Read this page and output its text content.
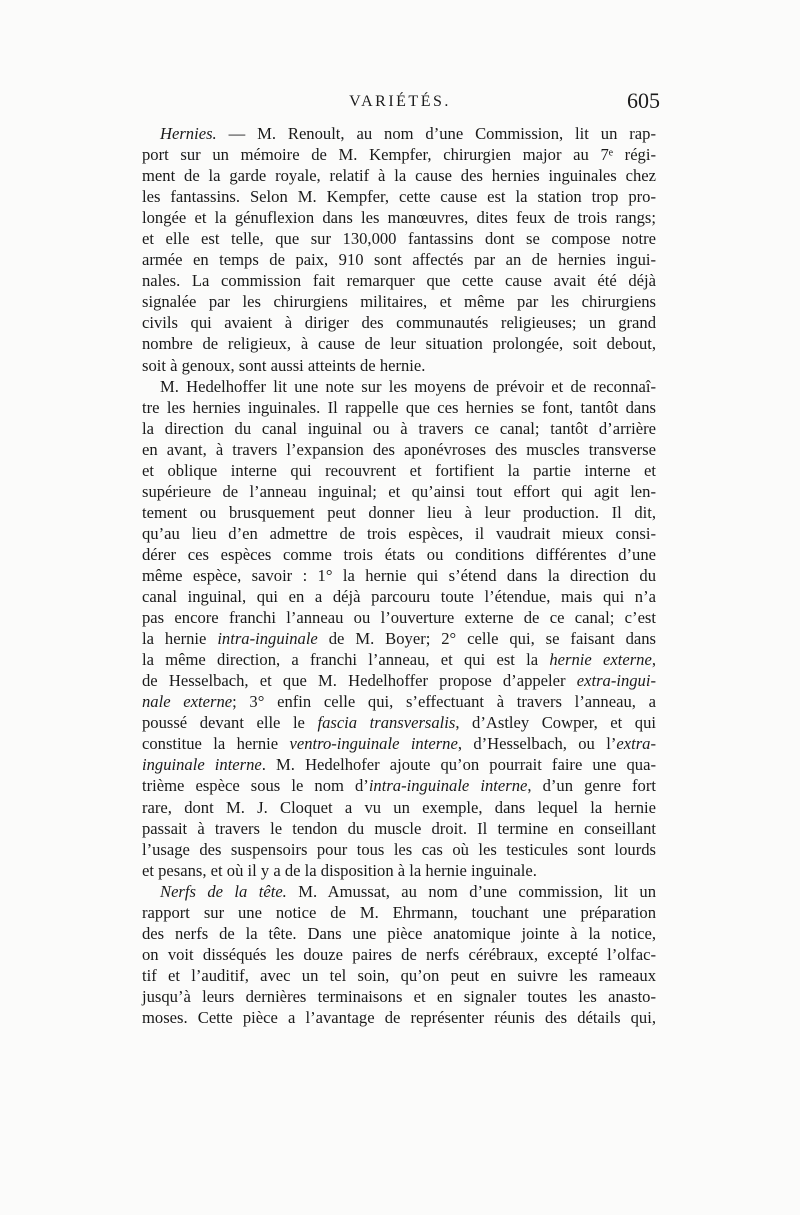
VARIÉTÉS.	605
Hernies. — M. Renoult, au nom d’une Commission, lit un rap-
port sur un mémoire de M. Kempfer, chirurgien major au 7ᵉ régi-
ment de la garde royale, relatif à la cause des hernies inguinales chez
les fantassins. Selon M. Kempfer, cette cause est la station trop pro-
longée et la génuflexion dans les manœuvres, dites feux de trois rangs;
et elle est telle, que sur 130,000 fantassins dont se compose notre
armée en temps de paix, 910 sont affectés par an de hernies ingui-
nales. La commission fait remarquer que cette cause avait été déjà
signalée par les chirurgiens militaires, et même par les chirurgiens
civils qui avaient à diriger des communautés religieuses; un grand
nombre de religieux, à cause de leur situation prolongée, soit debout,
soit à genoux, sont aussi atteints de hernie.
M. Hedelhoffer lit une note sur les moyens de prévoir et de reconnaî-
tre les hernies inguinales. Il rappelle que ces hernies se font, tantôt dans
la direction du canal inguinal ou à travers ce canal; tantôt d’arrière
en avant, à travers l’expansion des aponévroses des muscles transverse
et oblique interne qui recouvrent et fortifient la partie interne et
supérieure de l’anneau inguinal; et qu’ainsi tout effort qui agit len-
tement ou brusquement peut donner lieu à leur production. Il dit,
qu’au lieu d’en admettre de trois espèces, il vaudrait mieux consi-
dérer ces espèces comme trois états ou conditions différentes d’une
même espèce, savoir : 1° la hernie qui s’étend dans la direction du
canal inguinal, qui en a déjà parcouru toute l’étendue, mais qui n’a
pas encore franchi l’anneau ou l’ouverture externe de ce canal; c’est
la hernie intra-inguinale de M. Boyer; 2° celle qui, se faisant dans
la même direction, a franchi l’anneau, et qui est la hernie externe,
de Hesselbach, et que M. Hedelhoffer propose d’appeler extra-ingui-
nale externe; 3° enfin celle qui, s’effectuant à travers l’anneau, a
poussé devant elle le fascia transversalis, d’Astley Cowper, et qui
constitue la hernie ventro-inguinale interne, d’Hesselbach, ou l’extra-
inguinale interne. M. Hedelhofer ajoute qu’on pourrait faire une qua-
trième espèce sous le nom d’intra-inguinale interne, d’un genre fort
rare, dont M. J. Cloquet a vu un exemple, dans lequel la hernie
passait à travers le tendon du muscle droit. Il termine en conseillant
l’usage des suspensoirs pour tous les cas où les testicules sont lourds
et pesans, et où il y a de la disposition à la hernie inguinale.
Nerfs de la tête. M. Amussat, au nom d’une commission, lit un
rapport sur une notice de M. Ehrmann, touchant une préparation
des nerfs de la tête. Dans une pièce anatomique jointe à la notice,
on voit disséqués les douze paires de nerfs cérébraux, excepté l’olfac-
tif et l’auditif, avec un tel soin, qu’on peut en suivre les rameaux
jusqu’à leurs dernières terminaisons et en signaler toutes les anasto-
moses. Cette pièce a l’avantage de représenter réunis des détails qui,
